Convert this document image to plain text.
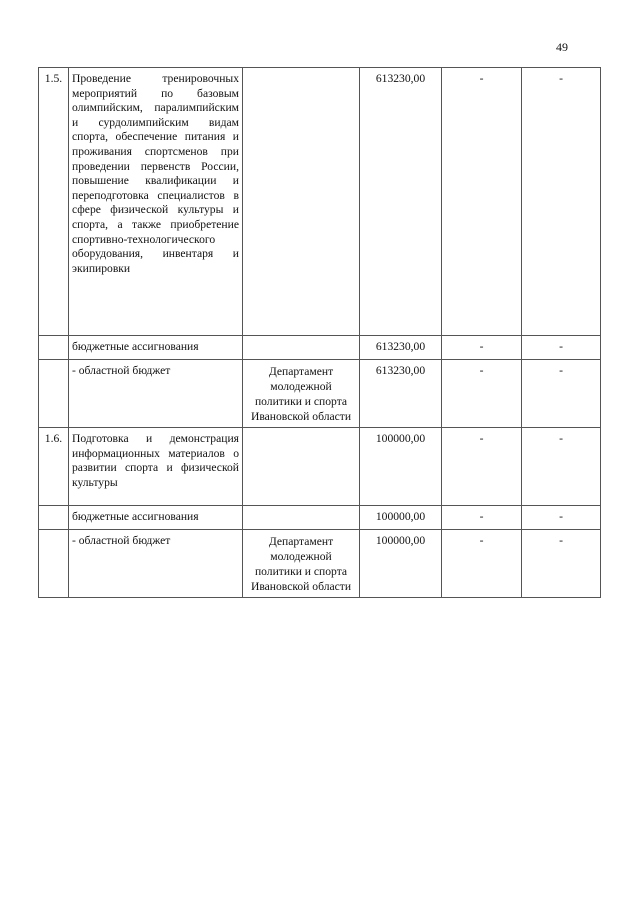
49
1.5.	Проведение тренировочных мероприятий по базовым олимпийским, паралимпийским и сурдолимпийским видам спорта, обеспечение питания и проживания спортсменов при проведении первенств России, повышение квалификации и переподготовка специалистов в сфере физической культуры и спорта, а также приобретение спортивно-технологического оборудования, инвентаря и экипировки		613230,00	-	-
	бюджетные ассигнования		613230,00	-	-
	- областной бюджет	Департамент молодежной политики и спорта Ивановской области	613230,00	-	-
1.6.	Подготовка и демонстрация информационных материалов о развитии спорта и физической культуры		100000,00	-	-
	бюджетные ассигнования		100000,00	-	-
	- областной бюджет	Департамент молодежной политики и спорта Ивановской области	100000,00	-	-
